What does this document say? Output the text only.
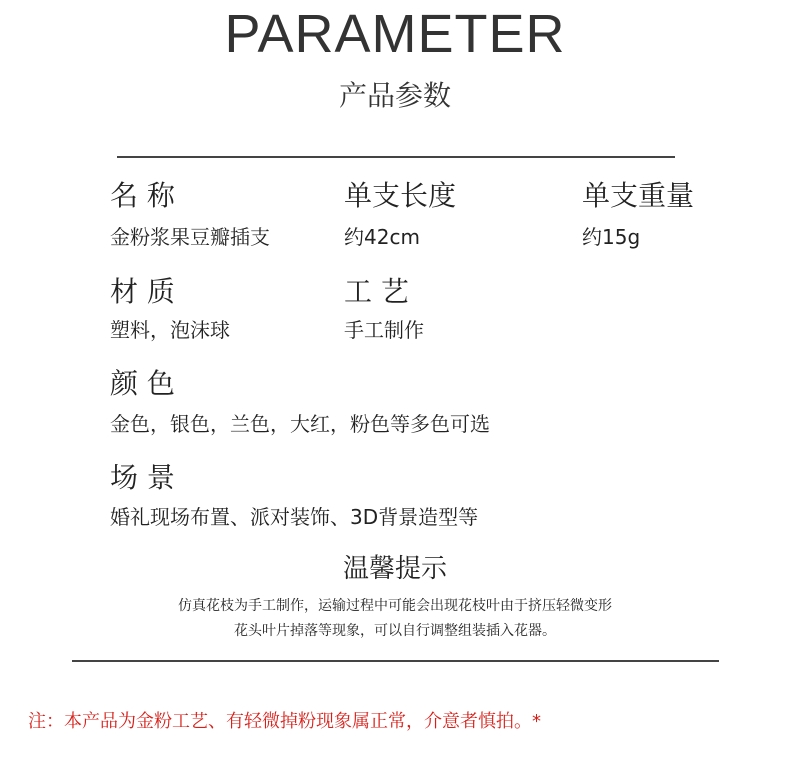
PARAMETER
产品参数
名 称
金粉浆果豆瓣插支
单支长度
约42cm
单支重量
约15g
材 质
塑料，泡沫球
工 艺
手工制作
颜 色
金色，银色，兰色，大红，粉色等多色可选
场 景
婚礼现场布置、派对装饰、3D背景造型等
温馨提示
仿真花枝为手工制作，运输过程中可能会出现花枝叶由于挤压轻微变形
花头叶片掉落等现象，可以自行调整组装插入花器。
注：本产品为金粉工艺、有轻微掉粉现象属正常，介意者慎拍。*
